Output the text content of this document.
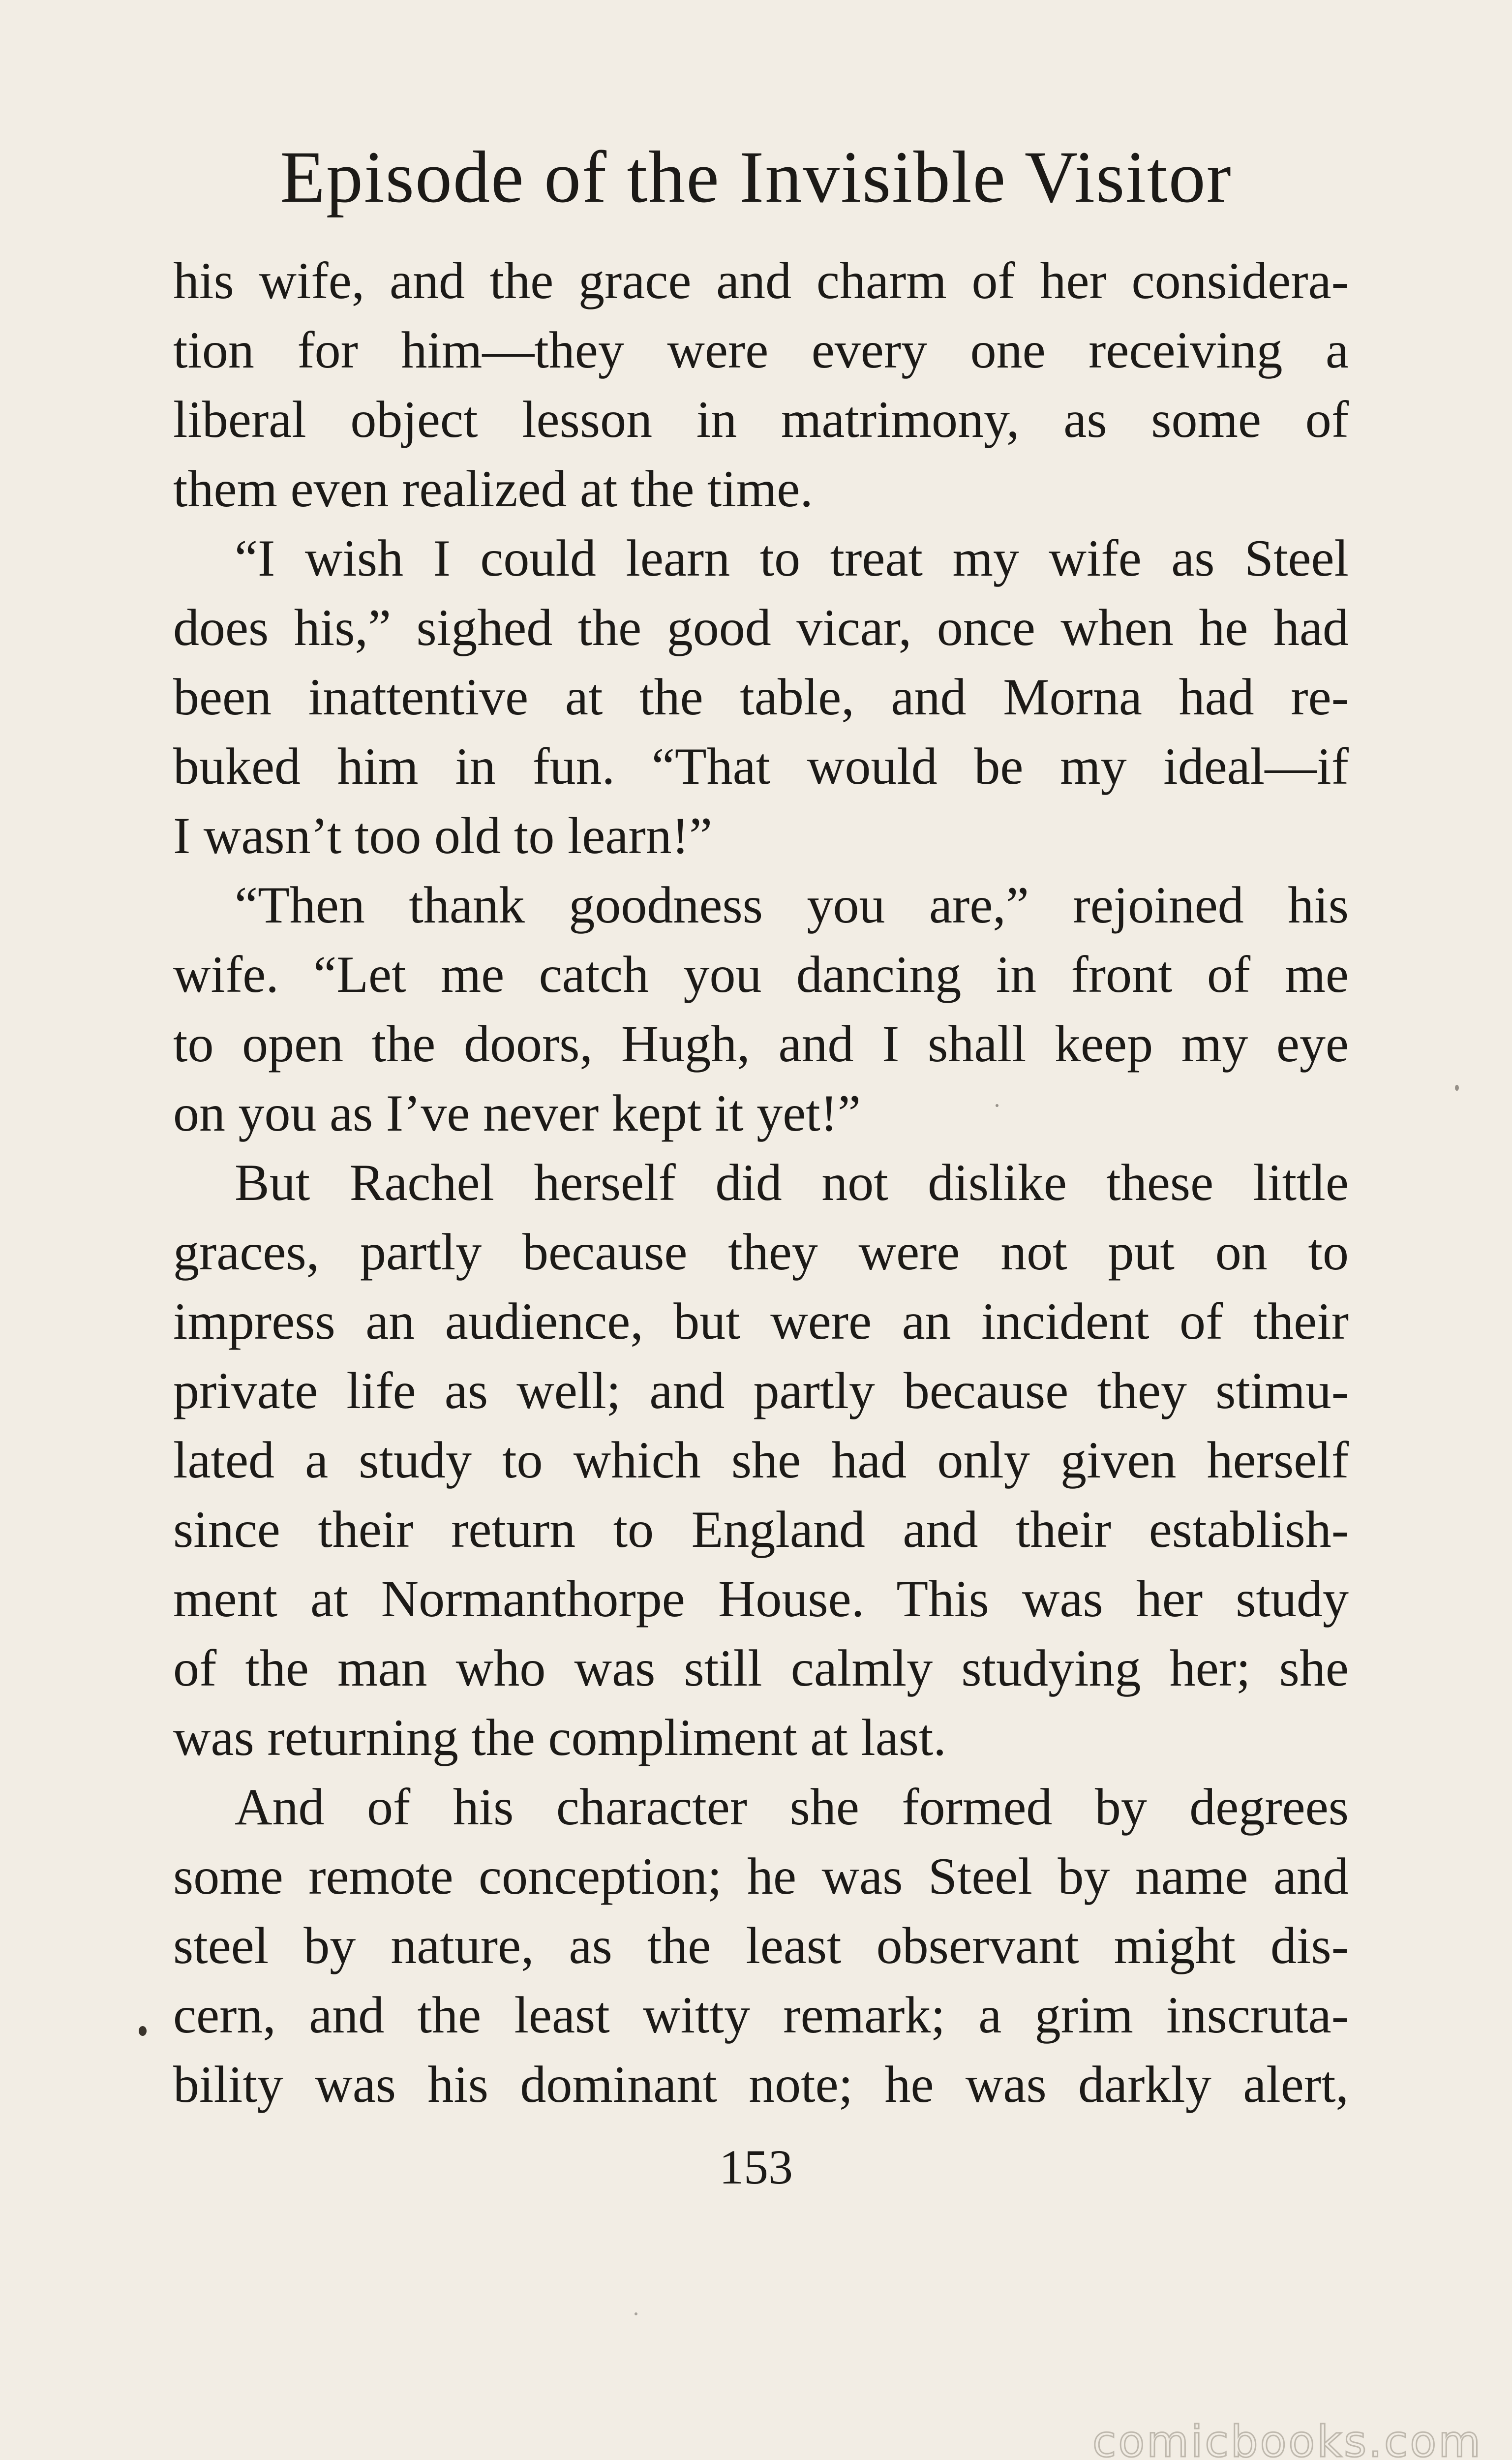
Episode of the Invisible Visitor
his wife, and the grace and charm of her considera-
tion for him—they were every one receiving a
liberal object lesson in matrimony, as some of
them even realized at the time.
“I wish I could learn to treat my wife as Steel
does his,” sighed the good vicar, once when he had
been inattentive at the table, and Morna had re-
buked him in fun. “That would be my ideal—if
I wasn’t too old to learn!”
“Then thank goodness you are,” rejoined his
wife. “Let me catch you dancing in front of me
to open the doors, Hugh, and I shall keep my eye
on you as I’ve never kept it yet!”
But Rachel herself did not dislike these little
graces, partly because they were not put on to
impress an audience, but were an incident of their
private life as well; and partly because they stimu-
lated a study to which she had only given herself
since their return to England and their establish-
ment at Normanthorpe House. This was her study
of the man who was still calmly studying her; she
was returning the compliment at last.
And of his character she formed by degrees
some remote conception; he was Steel by name and
steel by nature, as the least observant might dis-
cern, and the least witty remark; a grim inscruta-
bility was his dominant note; he was darkly alert,
153
comicbooks.com
